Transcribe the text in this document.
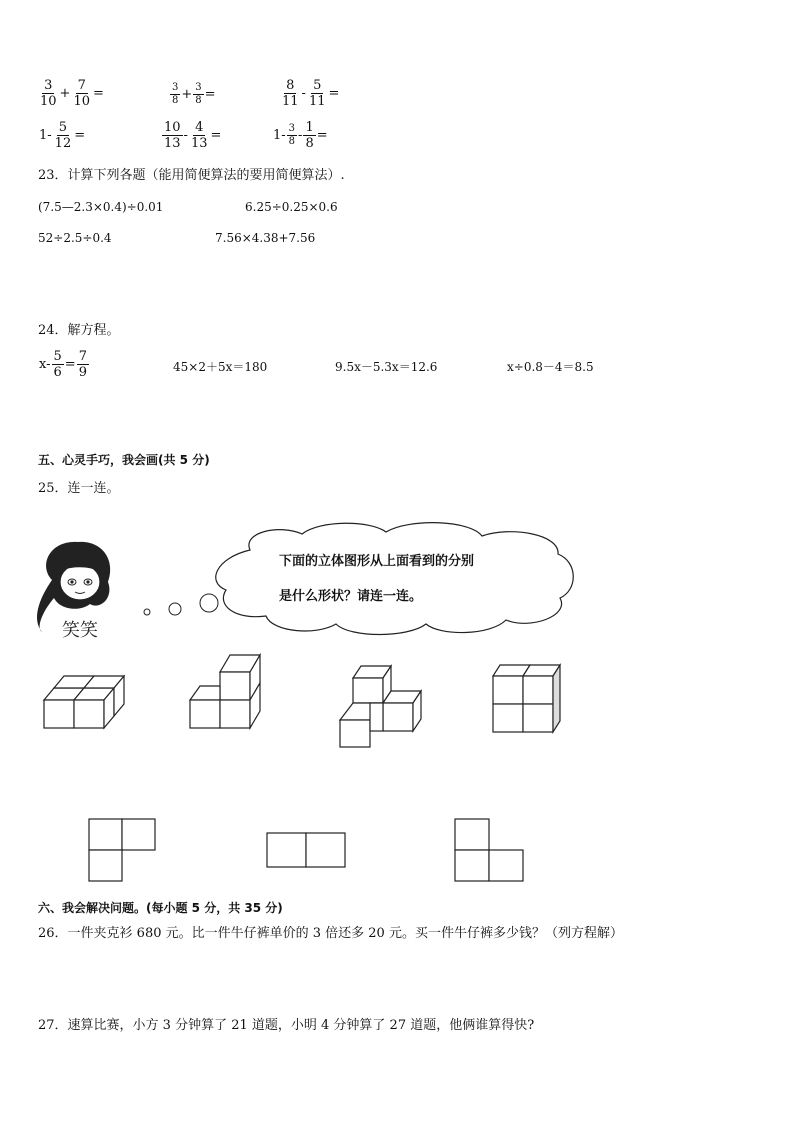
$\frac{3}{10} + \frac{7}{10}$ =	$\frac{3}{8} + \frac{3}{8}$ =	$\frac{8}{11} - \frac{5}{11}$ =
$1- \frac{5}{12}$ =	$\frac{10}{13} - \frac{4}{13}$ =	$1- \frac{3}{8} - \frac{1}{8}$ =
23．计算下列各题（能用简便算法的要用简便算法）.
(7.5—2.3×0.4)÷0.01	6.25÷0.25×0.6
52÷2.5÷0.4	7.56×4.38+7.56
24．解方程。
$x- \frac{5}{6} = \frac{7}{9}$	45×2＋5x＝180	9.5x－5.3x＝12.6	x÷0.8－4＝8.5
五、心灵手巧，我会画(共 5 分)
25．连一连。
笑笑
下面的立体图形从上面看到的分别
是什么形状？请连一连。
六、我会解决问题。(每小题 5 分，共 35 分)
26．一件夹克衫 680 元。比一件牛仔裤单价的 3 倍还多 20 元。买一件牛仔裤多少钱？（列方程解）
27．速算比赛，小方 3 分钟算了 21 道题，小明 4 分钟算了 27 道题，他俩谁算得快?
